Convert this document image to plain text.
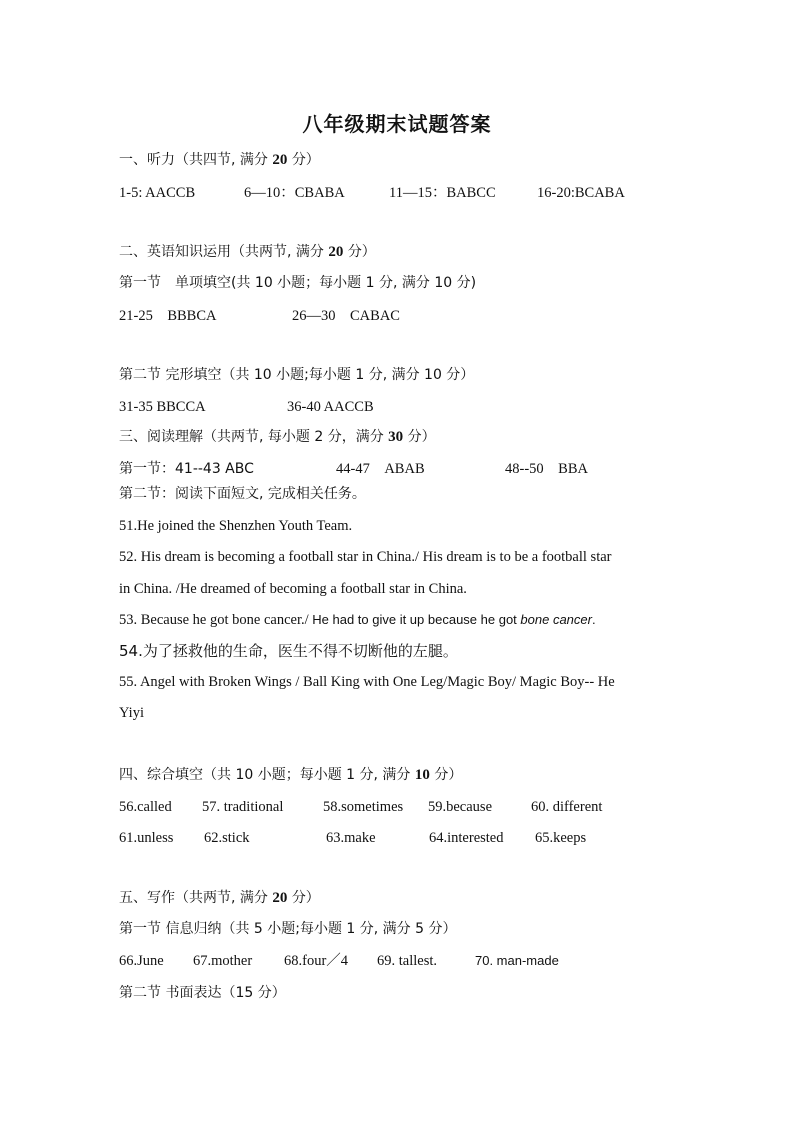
八年级期末试题答案
一、听力（共四节, 满分 20 分）
1-5: AACCB	6—10：CBABA	11—15：BABCC	16-20:BCABA
二、英语知识运用（共两节, 满分 20 分）
第一节　单项填空(共 10 小题；每小题 1 分, 满分 10 分)
21-25　BBBCA	26—30　CABAC
第二节 完形填空（共 10 小题;每小题 1 分, 满分 10 分）
31-35 BBCCA	36-40 AACCB
三、阅读理解（共两节, 每小题 2 分，满分 30 分）
第一节：41--43 ABC	44-47　ABAB	48--50　BBA
第二节：阅读下面短文, 完成相关任务。
51.He joined the Shenzhen Youth Team.
52. His dream is becoming a football star in China./ His dream is to be a football star
in China. /He dreamed of becoming a football star in China.
53. Because he got bone cancer./ He had to give it up because he got bone cancer.
54.为了拯救他的生命，医生不得不切断他的左腿。
55. Angel with Broken Wings / Ball King with One Leg/Magic Boy/ Magic Boy-- He
Yiyi
四、综合填空（共 10 小题；每小题 1 分, 满分 10 分）
56.called 57. traditional	58.sometimes 59.because	60. different
61.unless 62.stick	63.make	64.interested 65.keeps
五、写作（共两节, 满分 20 分）
第一节 信息归纳（共 5 小题;每小题 1 分, 满分 5 分）
66.June 67.mother 68.four／4 69. tallest.	70. man-made
第二节 书面表达（15 分）
